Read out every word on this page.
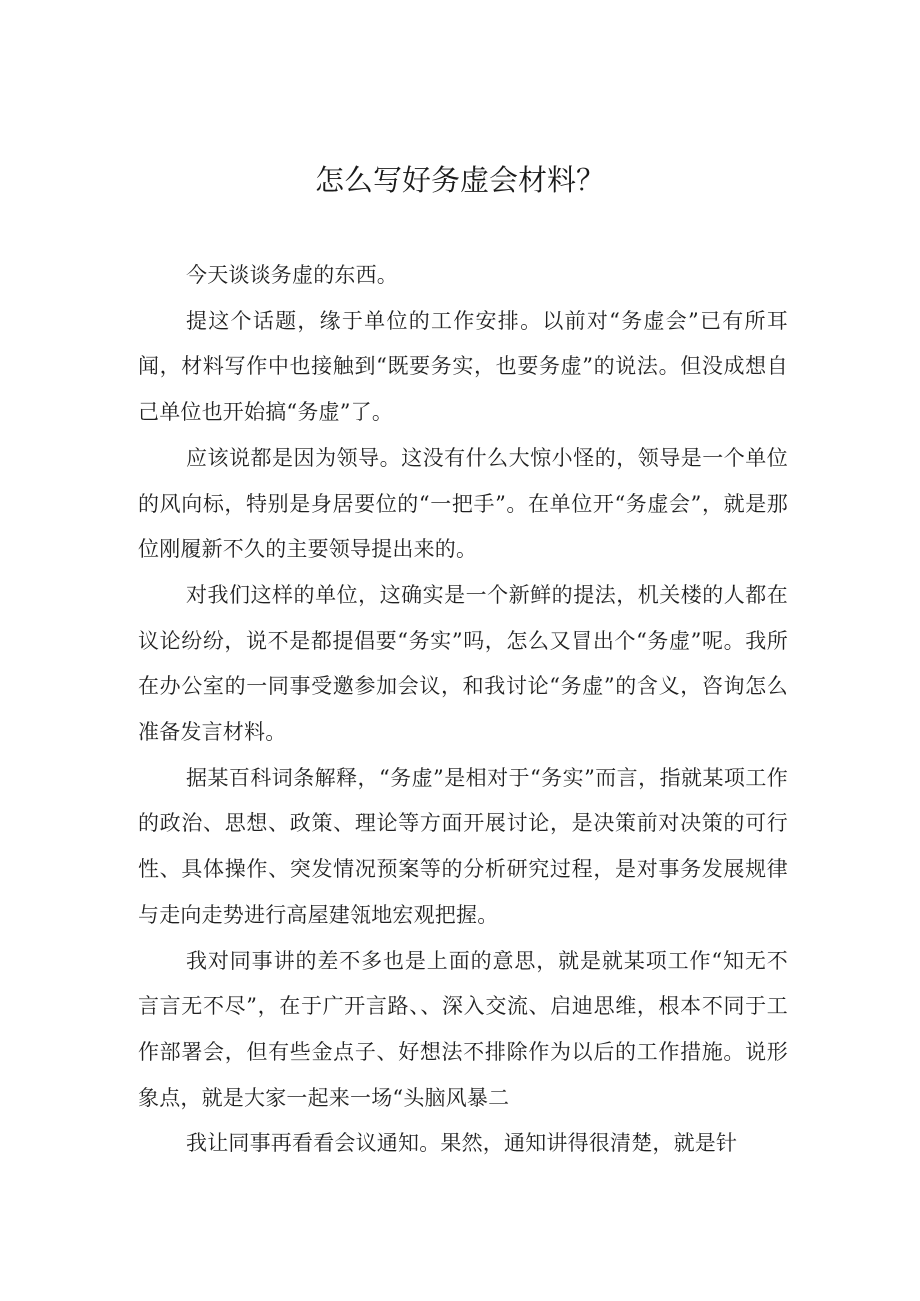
怎么写好务虚会材料？

今天谈谈务虚的东西。

提这个话题，缘于单位的工作安排。以前对“务虚会”已有所耳闻，材料写作中也接触到“既要务实，也要务虚”的说法。但没成想自己单位也开始搞“务虚”了。

应该说都是因为领导。这没有什么大惊小怪的，领导是一个单位的风向标，特别是身居要位的“一把手”。在单位开“务虚会”，就是那位刚履新不久的主要领导提出来的。

对我们这样的单位，这确实是一个新鲜的提法，机关楼的人都在议论纷纷，说不是都提倡要“务实”吗，怎么又冒出个“务虚”呢。我所在办公室的一同事受邀参加会议，和我讨论“务虚”的含义，咨询怎么准备发言材料。

据某百科词条解释，“务虚”是相对于“务实”而言，指就某项工作的政治、思想、政策、理论等方面开展讨论，是决策前对决策的可行性、具体操作、突发情况预案等的分析研究过程，是对事务发展规律与走向走势进行高屋建瓴地宏观把握。

我对同事讲的差不多也是上面的意思，就是就某项工作“知无不言言无不尽”，在于广开言路、、深入交流、启迪思维，根本不同于工作部署会，但有些金点子、好想法不排除作为以后的工作措施。说形象点，就是大家一起来一场“头脑风暴二

我让同事再看看会议通知。果然，通知讲得很清楚，就是针
